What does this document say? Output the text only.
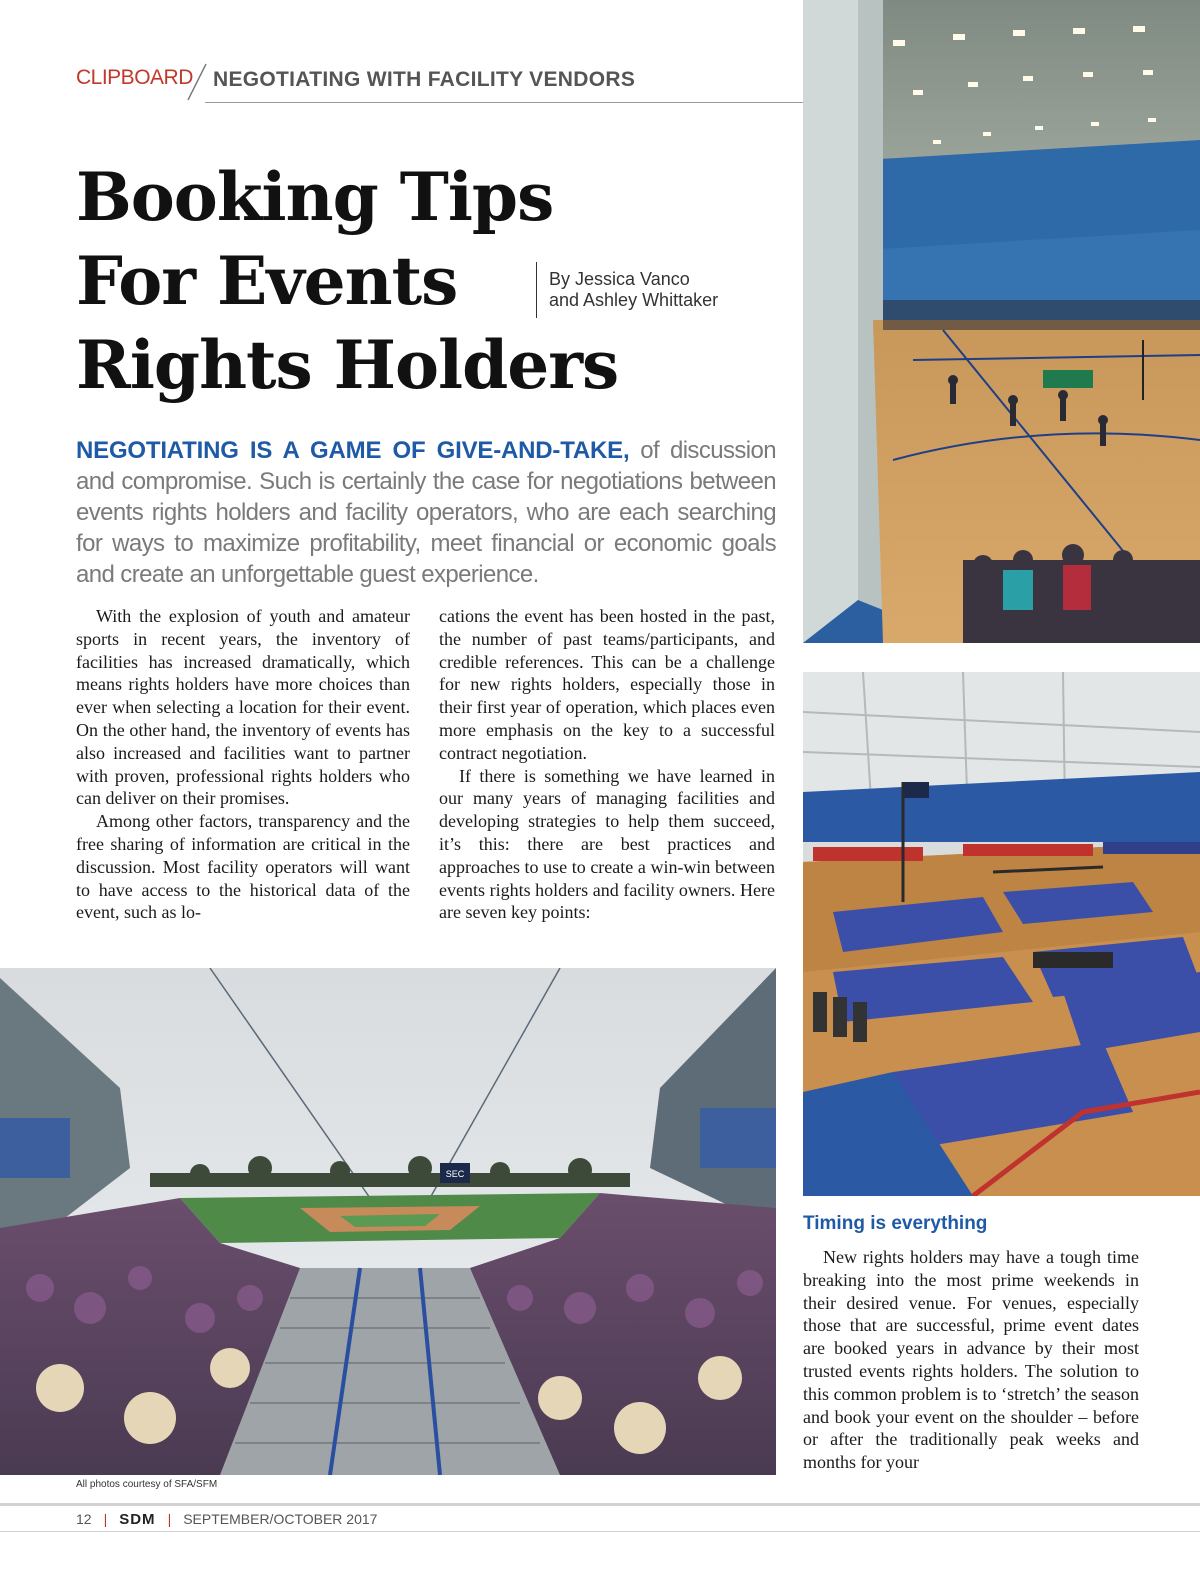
CLIPBOARD NEGOTIATING WITH FACILITY VENDORS
Booking Tips
For Events
Rights Holders
By Jessica Vanco
and Ashley Whittaker

NEGOTIATING IS A GAME OF GIVE-AND-TAKE, of discussion and compromise. Such is certainly the case for negotiations between events rights holders and facility operators, who are each searching for ways to maximize profitability, meet financial or economic goals and create an unforgettable guest experience.

With the explosion of youth and amateur sports in recent years, the inventory of facilities has increased dramatically, which means rights holders have more choices than ever when selecting a location for their event. On the other hand, the inventory of events has also increased and facilities want to partner with proven, professional rights holders who can deliver on their promises.

Among other factors, transparency and the free sharing of information are critical in the discussion. Most facility operators will want to have access to the historical data of the event, such as lo-

cations the event has been hosted in the past, the number of past teams/participants, and credible references. This can be a challenge for new rights holders, especially those in their first year of operation, which places even more emphasis on the key to a successful contract negotiation.

If there is something we have learned in our many years of managing facilities and developing strategies to help them succeed, it’s this: there are best practices and approaches to use to create a win-win between events rights holders and facility owners. Here are seven key points:

Timing is everything

New rights holders may have a tough time breaking into the most prime weekends in their desired venue. For venues, especially those that are successful, prime event dates are booked years in advance by their most trusted events rights holders. The solution to this common problem is to ‘stretch’ the season and book your event on the shoulder – before or after the traditionally peak weeks and months for your

SEC
All photos courtesy of SFA/SFM
12 | SDM | SEPTEMBER/OCTOBER 2017
